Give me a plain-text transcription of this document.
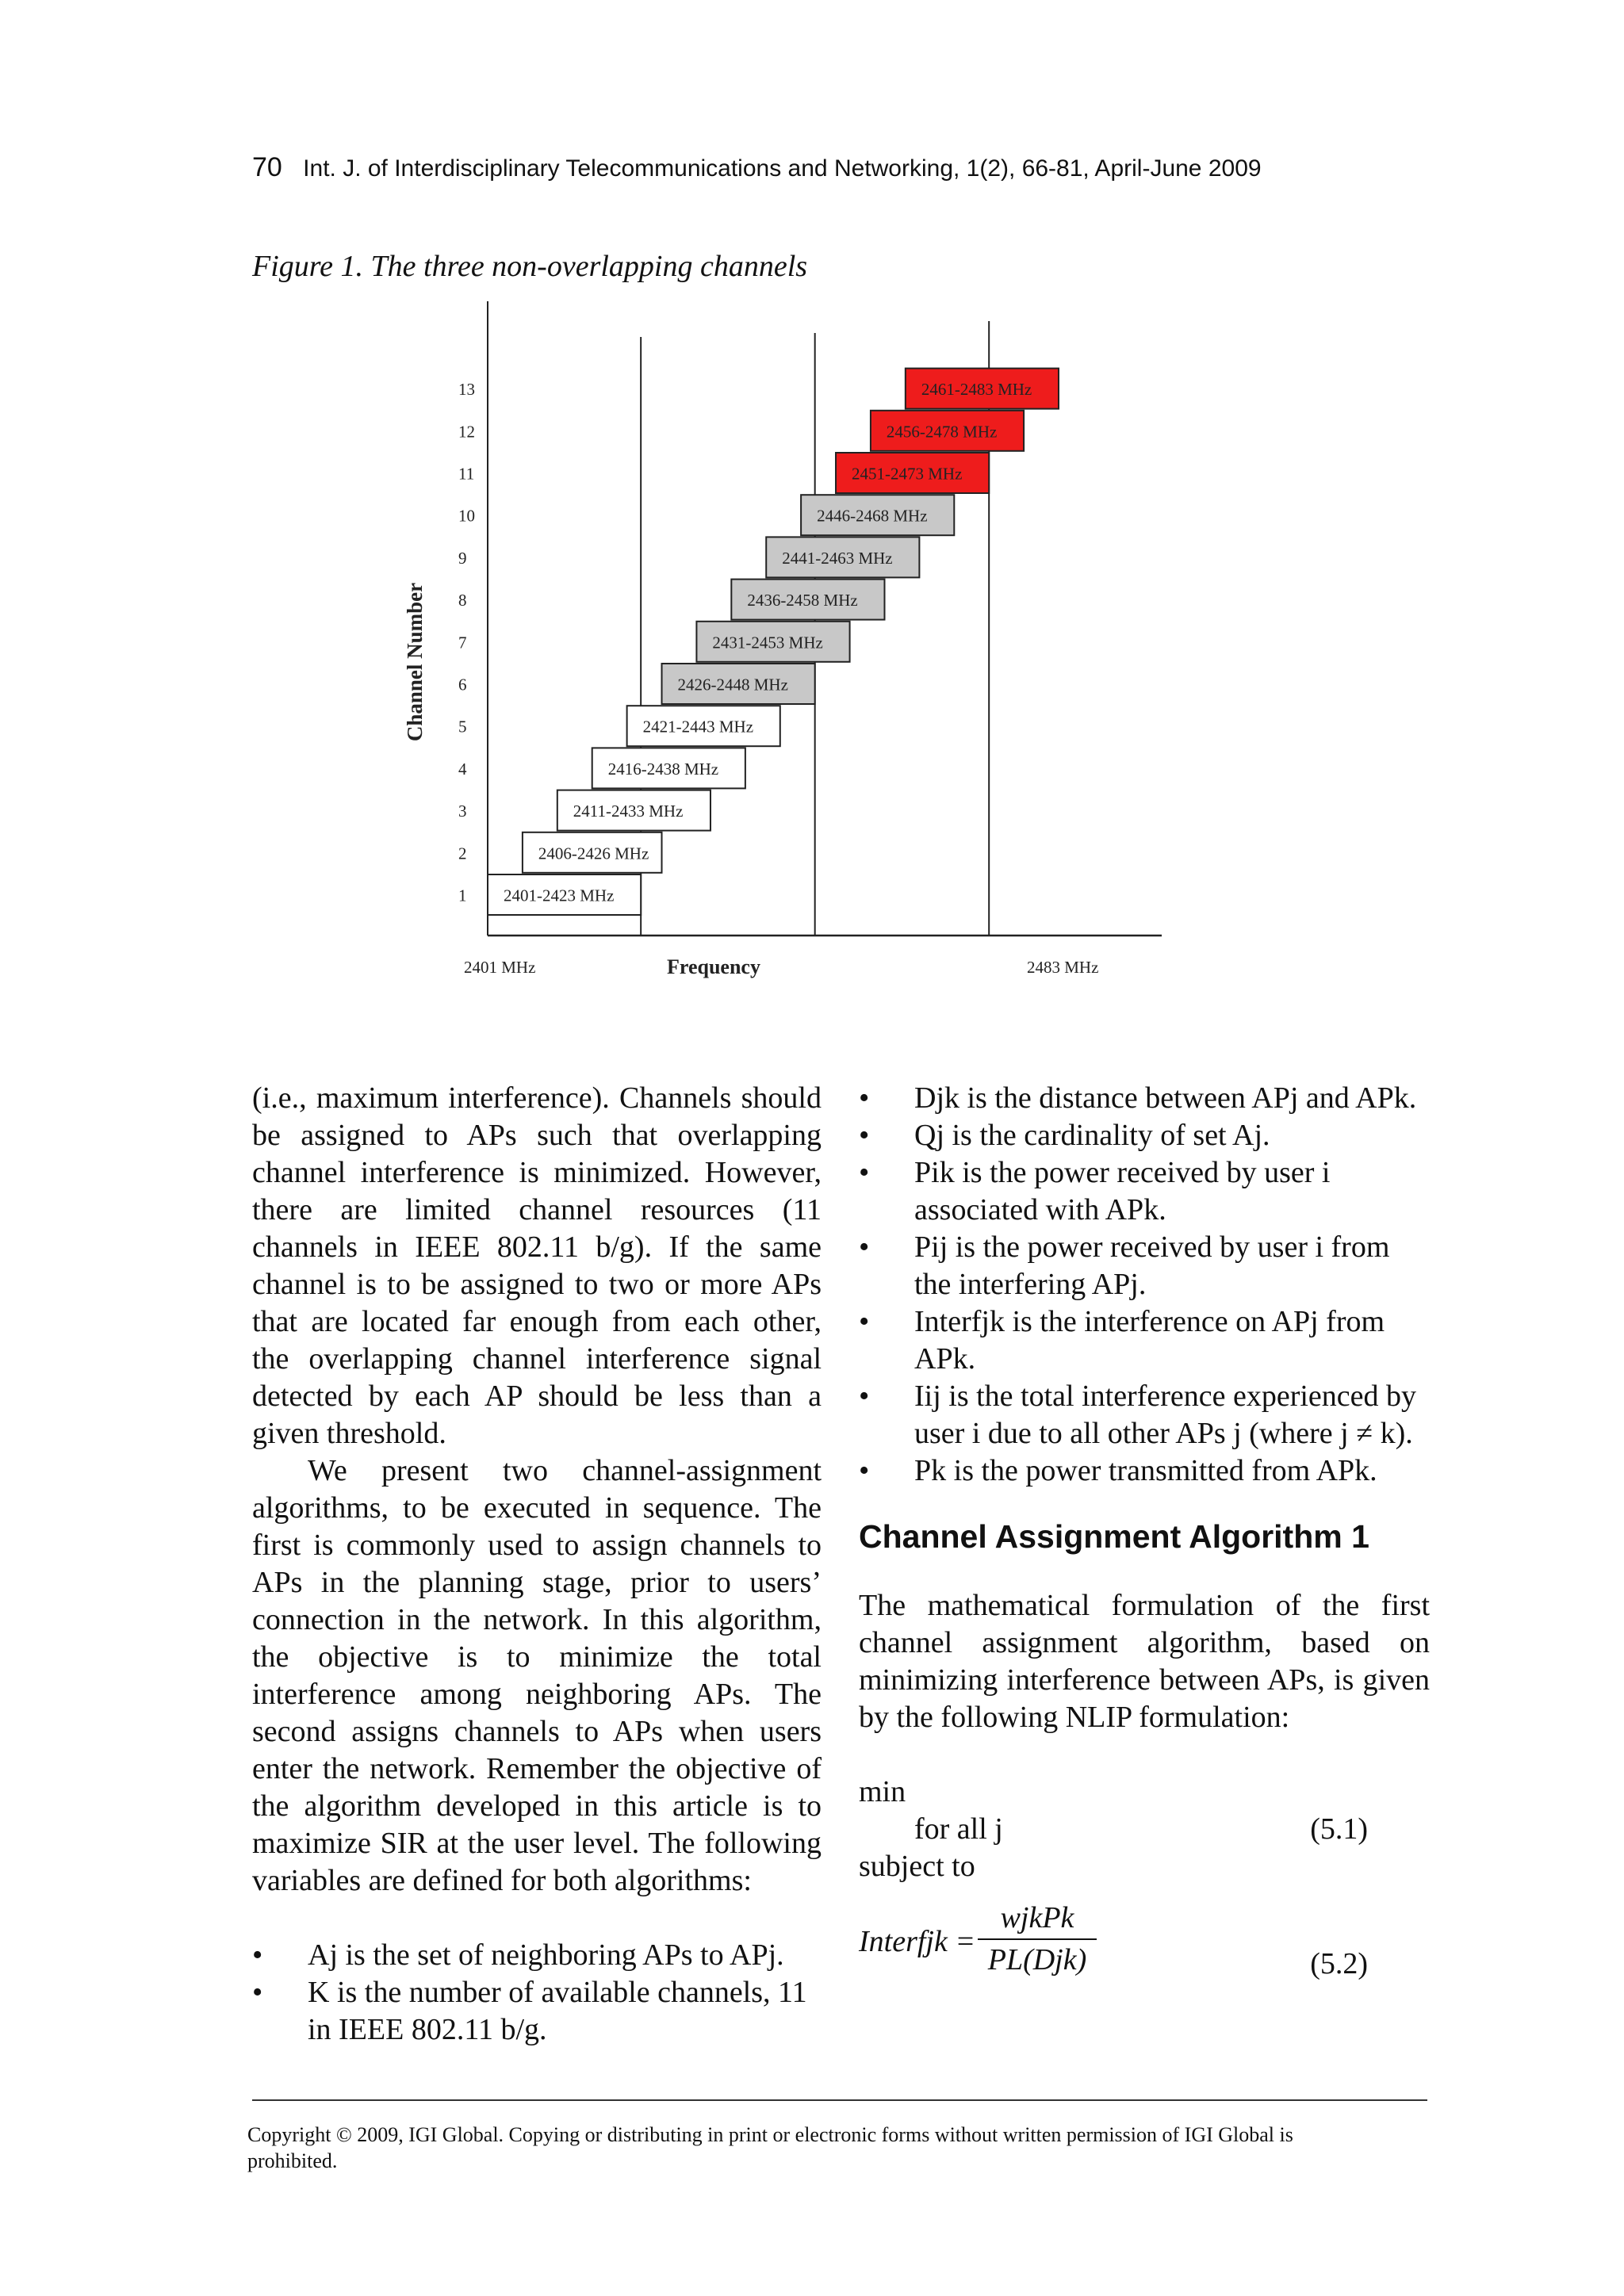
70 Int. J. of Interdisciplinary Telecommunications and Networking, 1(2), 66-81, April-June 2009
Figure 1. The three non-overlapping channels
2401-2423 MHz
1
2406-2426 MHz
2
2411-2433 MHz
3
2416-2438 MHz
4
2421-2443 MHz
5
2426-2448 MHz
6
2431-2453 MHz
7
2436-2458 MHz
8
2441-2463 MHz
9
2446-2468 MHz
10
2451-2473 MHz
11
2456-2478 MHz
12
2461-2483 MHz
13
2401 MHz	2483 MHz
Frequency
Channel Number

(i.e., maximum interference). Channels should be assigned to APs such that overlapping channel interference is minimized. However, there are limited channel resources (11 channels in IEEE 802.11 b/g). If the same channel is to be assigned to two or more APs that are located far enough from each other, the overlapping channel interference signal detected by each AP should be less than a given threshold.

We present two channel-assignment algorithms, to be executed in sequence. The first is commonly used to assign channels to APs in the planning stage, prior to users’ connection in the network. In this algorithm, the objective is to minimize the total interference among neighboring APs. The second assigns channels to APs when users enter the network. Remember the objective of the algorithm developed in this article is to maximize SIR at the user level. The following variables are defined for both algorithms:

• Aj is the set of neighboring APs to APj.
• K is the number of available channels, 11 in IEEE 802.11 b/g.
• Djk is the distance between APj and APk.
• Qj is the cardinality of set Aj.
• Pik is the power received by user i associated with APk.
• Pij is the power received by user i from the interfering APj.
• Interfjk is the interference on APj from APk.
• Iij is the total interference experienced by user i due to all other APs j (where j ≠ k).
• Pk is the power transmitted from APk.
Channel Assignment Algorithm 1

The mathematical formulation of the first channel assignment algorithm, based on minimizing interference between APs, is given by the following NLIP formulation:

min
for all j	(5.1)
subject to
Interfjk =
wjkPk
PL(Djk)	(5.2)
Copyright © 2009, IGI Global. Copying or distributing in print or electronic forms without written permission of IGI Global is prohibited.
